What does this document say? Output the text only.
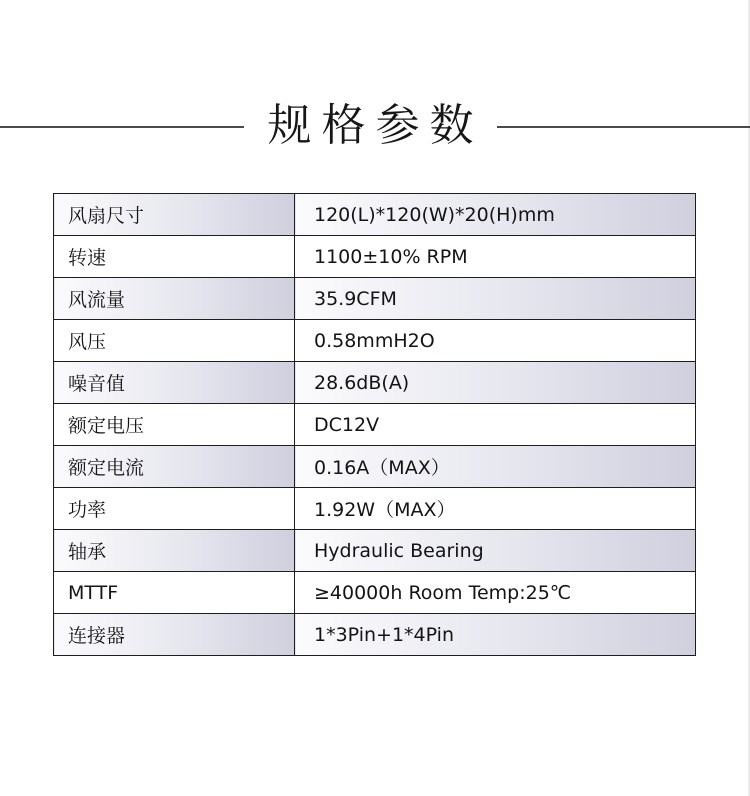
规格参数
风扇尺寸	120(L)*120(W)*20(H)mm
转速	1100±10% RPM
风流量	35.9CFM
风压	0.58mmH2O
噪音值	28.6dB(A)
额定电压	DC12V
额定电流	0.16A（MAX）
功率	1.92W（MAX）
轴承	Hydraulic Bearing
MTTF	≥40000h Room Temp:25℃
连接器	1*3Pin+1*4Pin
